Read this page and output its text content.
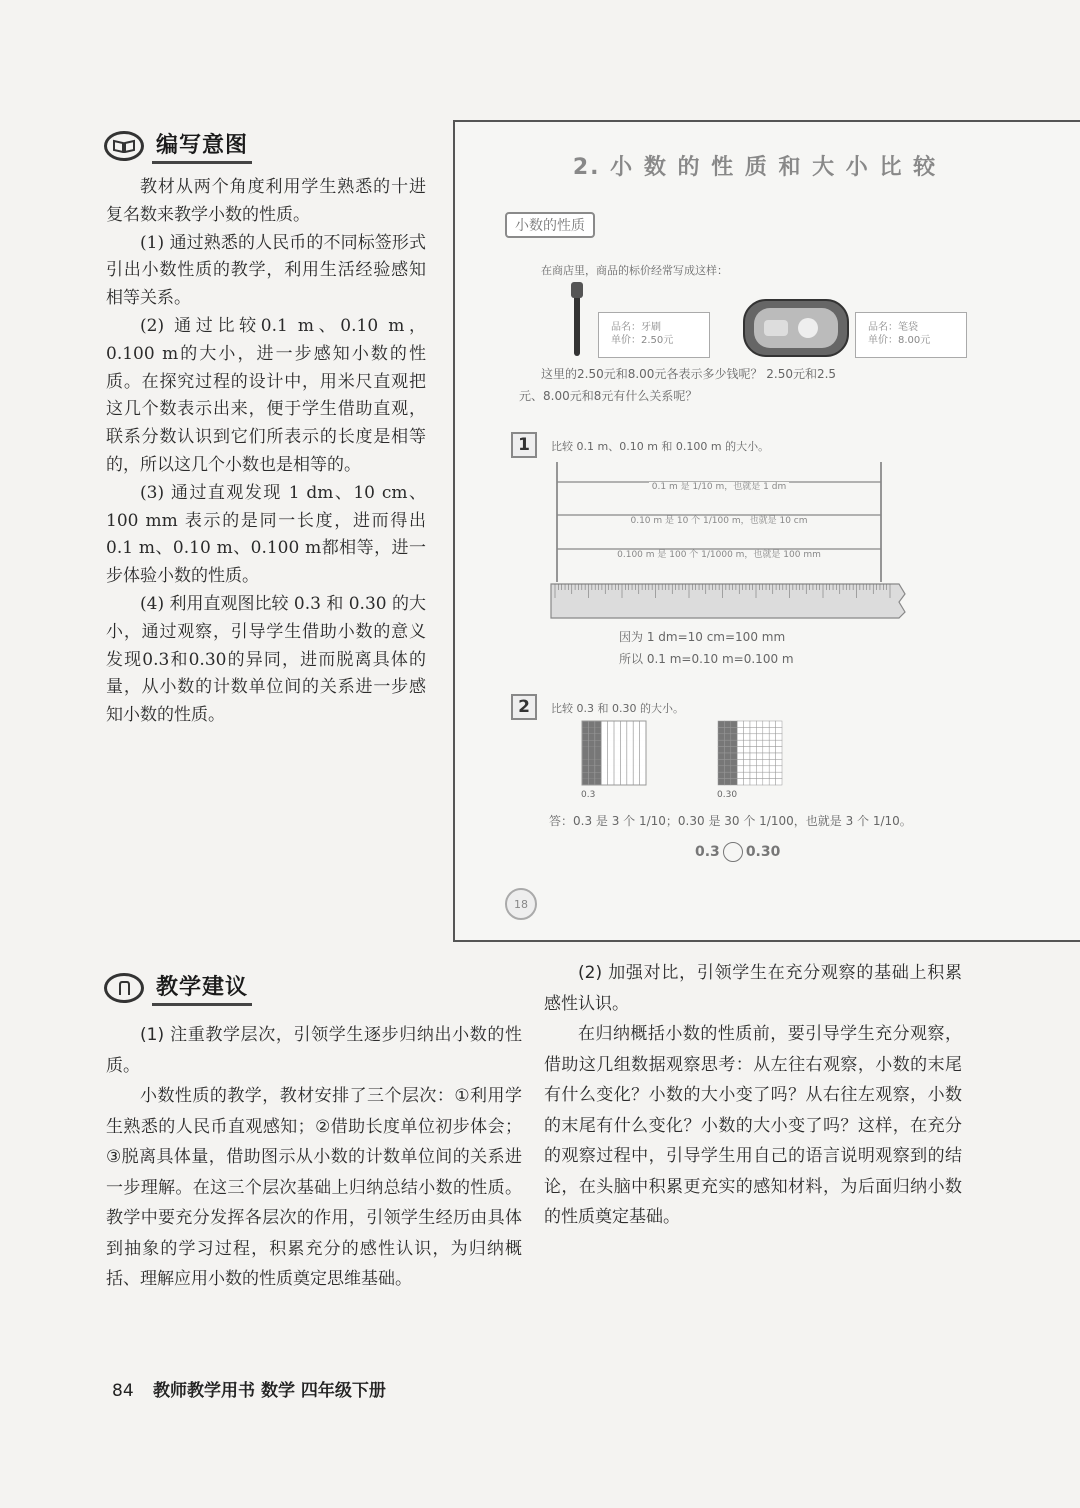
编写意图

教材从两个角度利用学生熟悉的十进复名数来教学小数的性质。

(1) 通过熟悉的人民币的不同标签形式引出小数性质的教学，利用生活经验感知相等关系。

(2) 通过比较0.1 m、0.10 m，0.100 m的大小，进一步感知小数的性质。在探究过程的设计中，用米尺直观把这几个数表示出来，便于学生借助直观，联系分数认识到它们所表示的长度是相等的，所以这几个小数也是相等的。

(3) 通过直观发现 1 dm、10 cm、100 mm 表示的是同一长度，进而得出 0.1 m、0.10 m、0.100 m都相等，进一步体验小数的性质。

(4) 利用直观图比较 0.3 和 0.30 的大小，通过观察，引导学生借助小数的意义发现0.3和0.30的异同，进而脱离具体的量，从小数的计数单位间的关系进一步感知小数的性质。

2. 小 数 的 性 质 和 大 小 比 较
小数的性质
在商店里，商品的标价经常写成这样：
品名：牙刷
单价：2.50元
品名：笔袋
单价：8.00元
这里的2.50元和8.00元各表示多少钱呢？ 2.50元和2.5
元、8.00元和8元有什么关系呢？
1	比较 0.1 m、0.10 m 和 0.100 m 的大小。
0.1 m 是 1/10 m，也就是 1 dm
0.10 m 是 10 个 1/100 m，也就是 10 cm
0.100 m 是 100 个 1/1000 m，也就是 100 mm
因为 1 dm=10 cm=100 mm
所以 0.1 m=0.10 m=0.100 m
2	比较 0.3 和 0.30 的大小。
0.3	0.30
答：0.3 是 3 个 1/10；0.30 是 30 个 1/100，也就是 3 个 1/10。
0.3 0.30
18
教学建议

(1) 注重教学层次，引领学生逐步归纳出小数的性质。

小数性质的教学，教材安排了三个层次：①利用学生熟悉的人民币直观感知；②借助长度单位初步体会；③脱离具体量，借助图示从小数的计数单位间的关系进一步理解。在这三个层次基础上归纳总结小数的性质。教学中要充分发挥各层次的作用，引领学生经历由具体到抽象的学习过程，积累充分的感性认识，为归纳概括、理解应用小数的性质奠定思维基础。

(2) 加强对比，引领学生在充分观察的基础上积累感性认识。

在归纳概括小数的性质前，要引导学生充分观察，借助这几组数据观察思考：从左往右观察，小数的末尾有什么变化？小数的大小变了吗？从右往左观察，小数的末尾有什么变化？小数的大小变了吗？这样，在充分的观察过程中，引导学生用自己的语言说明观察到的结论，在头脑中积累更充实的感知材料，为后面归纳小数的性质奠定基础。

84 教师教学用书 数学 四年级下册
